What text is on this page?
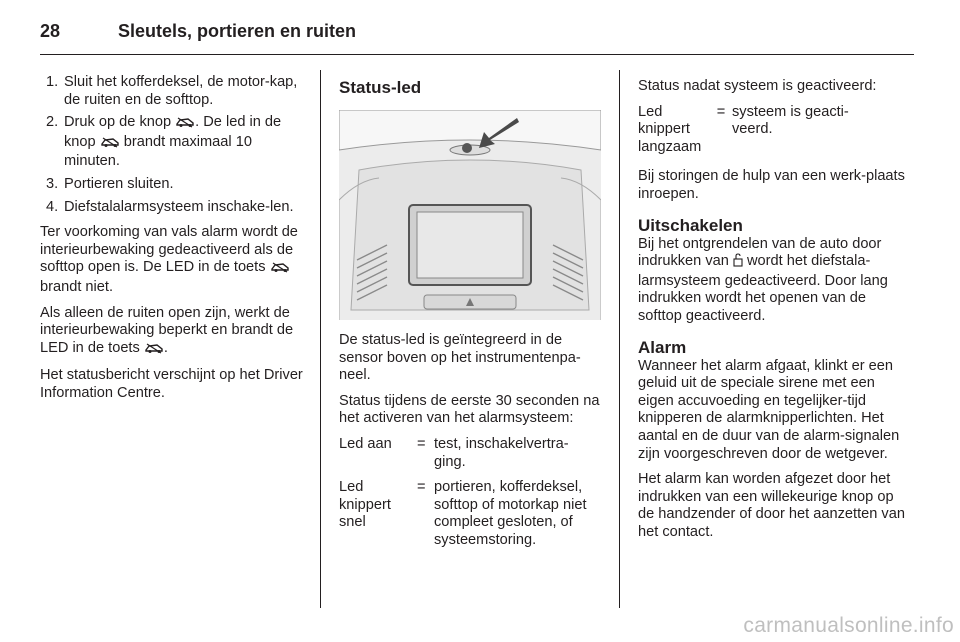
28	Sleutels, portieren en ruiten
1. Sluit het kofferdeksel, de motor-kap, de ruiten en de softtop.
2. Druk op de knop . De led in de knop brandt maximaal 10 minuten.
3. Portieren sluiten.
4. Diefstalalarmsysteem inschake-len.

Ter voorkoming van vals alarm wordt de interieurbewaking gedeactiveerd als de softtop open is. De LED in de toets  brandt niet.

Als alleen de ruiten open zijn, werkt de interieurbewaking beperkt en brandt de LED in de toets .

Het statusbericht verschijnt op het Driver Information Centre.

Status-led

De status-led is geïntegreerd in de sensor boven op het instrumentenpa-neel.

Status tijdens de eerste 30 seconden na het activeren van het alarmsysteem:

Led aan	=	test, inschakelvertra-ging.
Led knippert snel	=	portieren, kofferdeksel, softtop of motorkap niet compleet gesloten, of systeemstoring.

Status nadat systeem is geactiveerd:

Led knippert langzaam	=	systeem is geacti-veerd.

Bij storingen de hulp van een werk-plaats inroepen.

Uitschakelen

Bij het ontgrendelen van de auto door indrukken van wordt het diefstala-larmsysteem gedeactiveerd. Door lang indrukken wordt het openen van de softtop geactiveerd.

Alarm

Wanneer het alarm afgaat, klinkt er een geluid uit de speciale sirene met een eigen accuvoeding en tegelijker-tijd knipperen de alarmknipperlichten. Het aantal en de duur van de alarm-signalen zijn voorgeschreven door de wetgever.

Het alarm kan worden afgezet door het indrukken van een willekeurige knop op de handzender of door het aanzetten van het contact.

carmanualsonline.info
